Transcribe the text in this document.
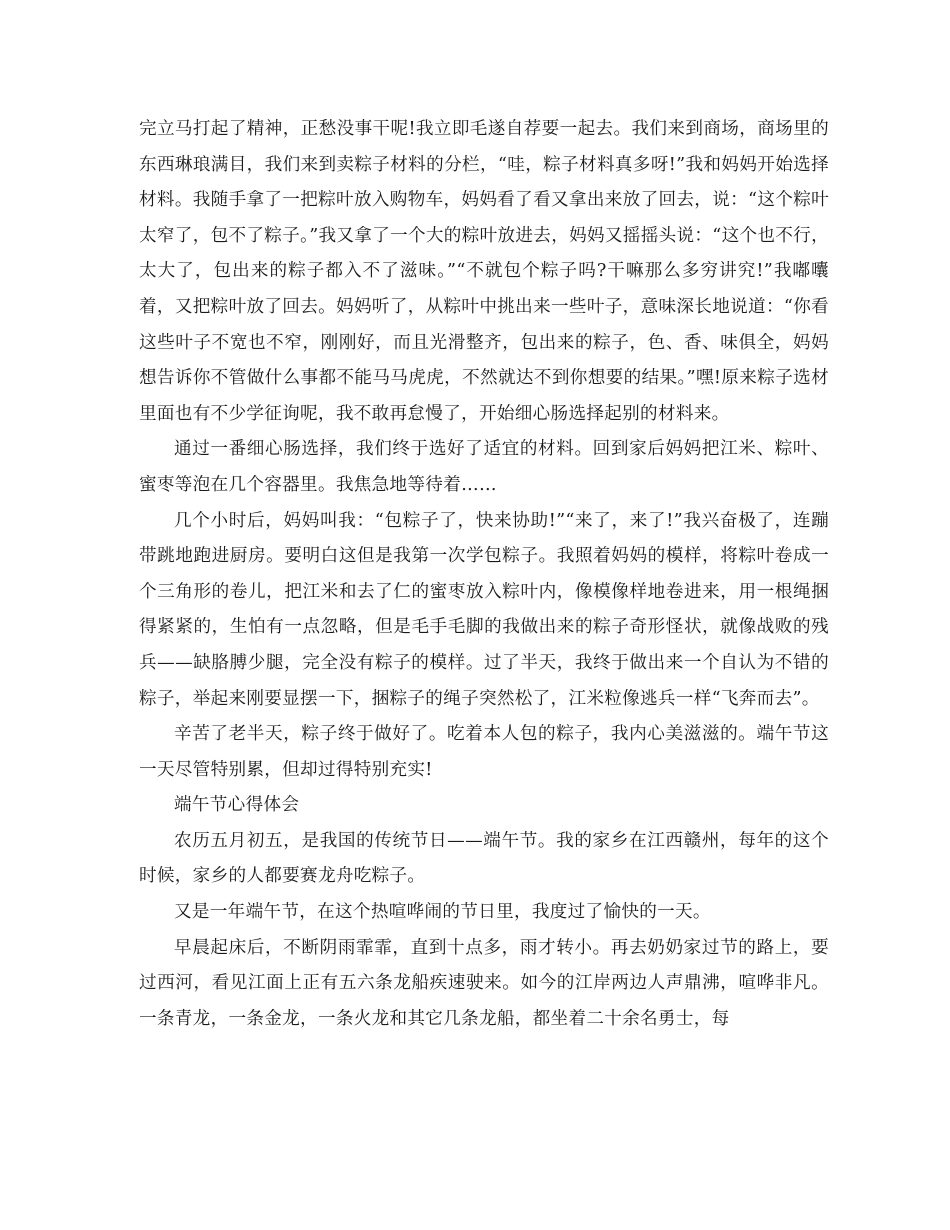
完立马打起了精神，正愁没事干呢!我立即毛遂自荐要一起去。我们来到商场，商场里的东西琳琅满目，我们来到卖粽子材料的分栏，“哇，粽子材料真多呀!”我和妈妈开始选择材料。我随手拿了一把粽叶放入购物车，妈妈看了看又拿出来放了回去，说：“这个粽叶太窄了，包不了粽子。”我又拿了一个大的粽叶放进去，妈妈又摇摇头说：“这个也不行，太大了，包出来的粽子都入不了滋味。”“不就包个粽子吗?干嘛那么多穷讲究!”我嘟囔着，又把粽叶放了回去。妈妈听了，从粽叶中挑出来一些叶子，意味深长地说道：“你看这些叶子不宽也不窄，刚刚好，而且光滑整齐，包出来的粽子，色、香、味俱全，妈妈想告诉你不管做什么事都不能马马虎虎，不然就达不到你想要的结果。”嘿!原来粽子选材里面也有不少学征询呢，我不敢再怠慢了，开始细心肠选择起别的材料来。

通过一番细心肠选择，我们终于选好了适宜的材料。回到家后妈妈把江米、粽叶、蜜枣等泡在几个容器里。我焦急地等待着……

几个小时后，妈妈叫我：“包粽子了，快来协助!”“来了，来了!”我兴奋极了，连蹦带跳地跑进厨房。要明白这但是我第一次学包粽子。我照着妈妈的模样，将粽叶卷成一个三角形的卷儿，把江米和去了仁的蜜枣放入粽叶内，像模像样地卷进来，用一根绳捆得紧紧的，生怕有一点忽略，但是毛手毛脚的我做出来的粽子奇形怪状，就像战败的残兵——缺胳膊少腿，完全没有粽子的模样。过了半天，我终于做出来一个自认为不错的粽子，举起来刚要显摆一下，捆粽子的绳子突然松了，江米粒像逃兵一样“飞奔而去”。

辛苦了老半天，粽子终于做好了。吃着本人包的粽子，我内心美滋滋的。端午节这一天尽管特别累，但却过得特别充实!

端午节心得体会

农历五月初五，是我国的传统节日——端午节。我的家乡在江西赣州，每年的这个时候，家乡的人都要赛龙舟吃粽子。

又是一年端午节，在这个热喧哗闹的节日里，我度过了愉快的一天。

早晨起床后，不断阴雨霏霏，直到十点多，雨才转小。再去奶奶家过节的路上，要过西河，看见江面上正有五六条龙船疾速驶来。如今的江岸两边人声鼎沸，喧哗非凡。一条青龙，一条金龙，一条火龙和其它几条龙船，都坐着二十余名勇士，每
